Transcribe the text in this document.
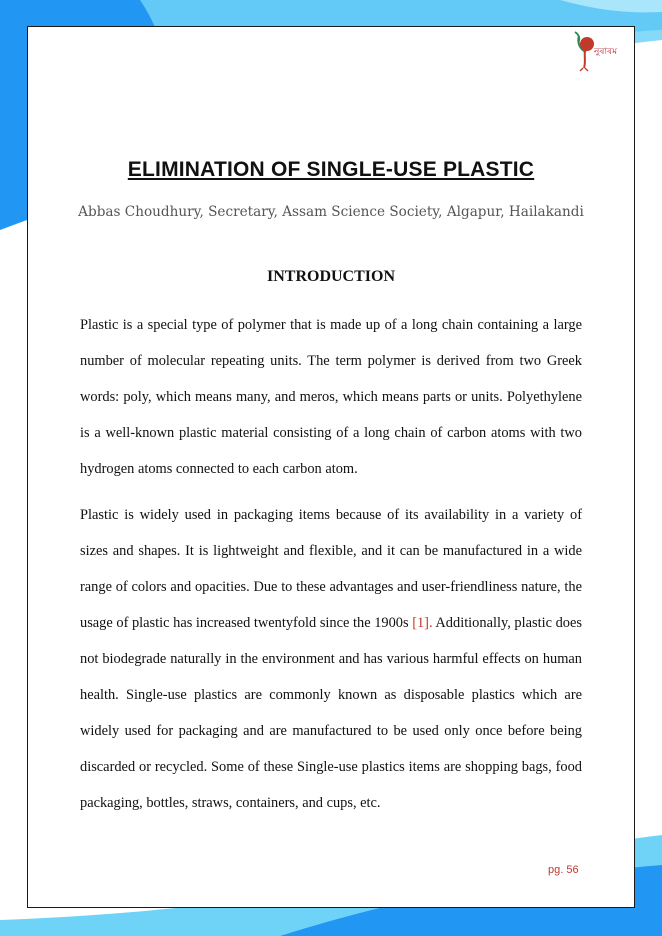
নুৰাৰম
ELIMINATION OF SINGLE-USE PLASTIC
Abbas Choudhury, Secretary, Assam Science Society, Algapur, Hailakandi
INTRODUCTION

Plastic is a special type of polymer that is made up of a long chain containing a large number of molecular repeating units. The term polymer is derived from two Greek words: poly, which means many, and meros, which means parts or units. Polyethylene is a well-known plastic material consisting of a long chain of carbon atoms with two hydrogen atoms connected to each carbon atom.

Plastic is widely used in packaging items because of its availability in a variety of sizes and shapes. It is lightweight and flexible, and it can be manufactured in a wide range of colors and opacities. Due to these advantages and user-friendliness nature, the usage of plastic has increased twentyfold since the 1900s [1]. Additionally, plastic does not biodegrade naturally in the environment and has various harmful effects on human health. Single-use plastics are commonly known as disposable plastics which are widely used for packaging and are manufactured to be used only once before being discarded or recycled. Some of these Single-use plastics items are shopping bags, food packaging, bottles, straws, containers, and cups, etc.

pg. 56
